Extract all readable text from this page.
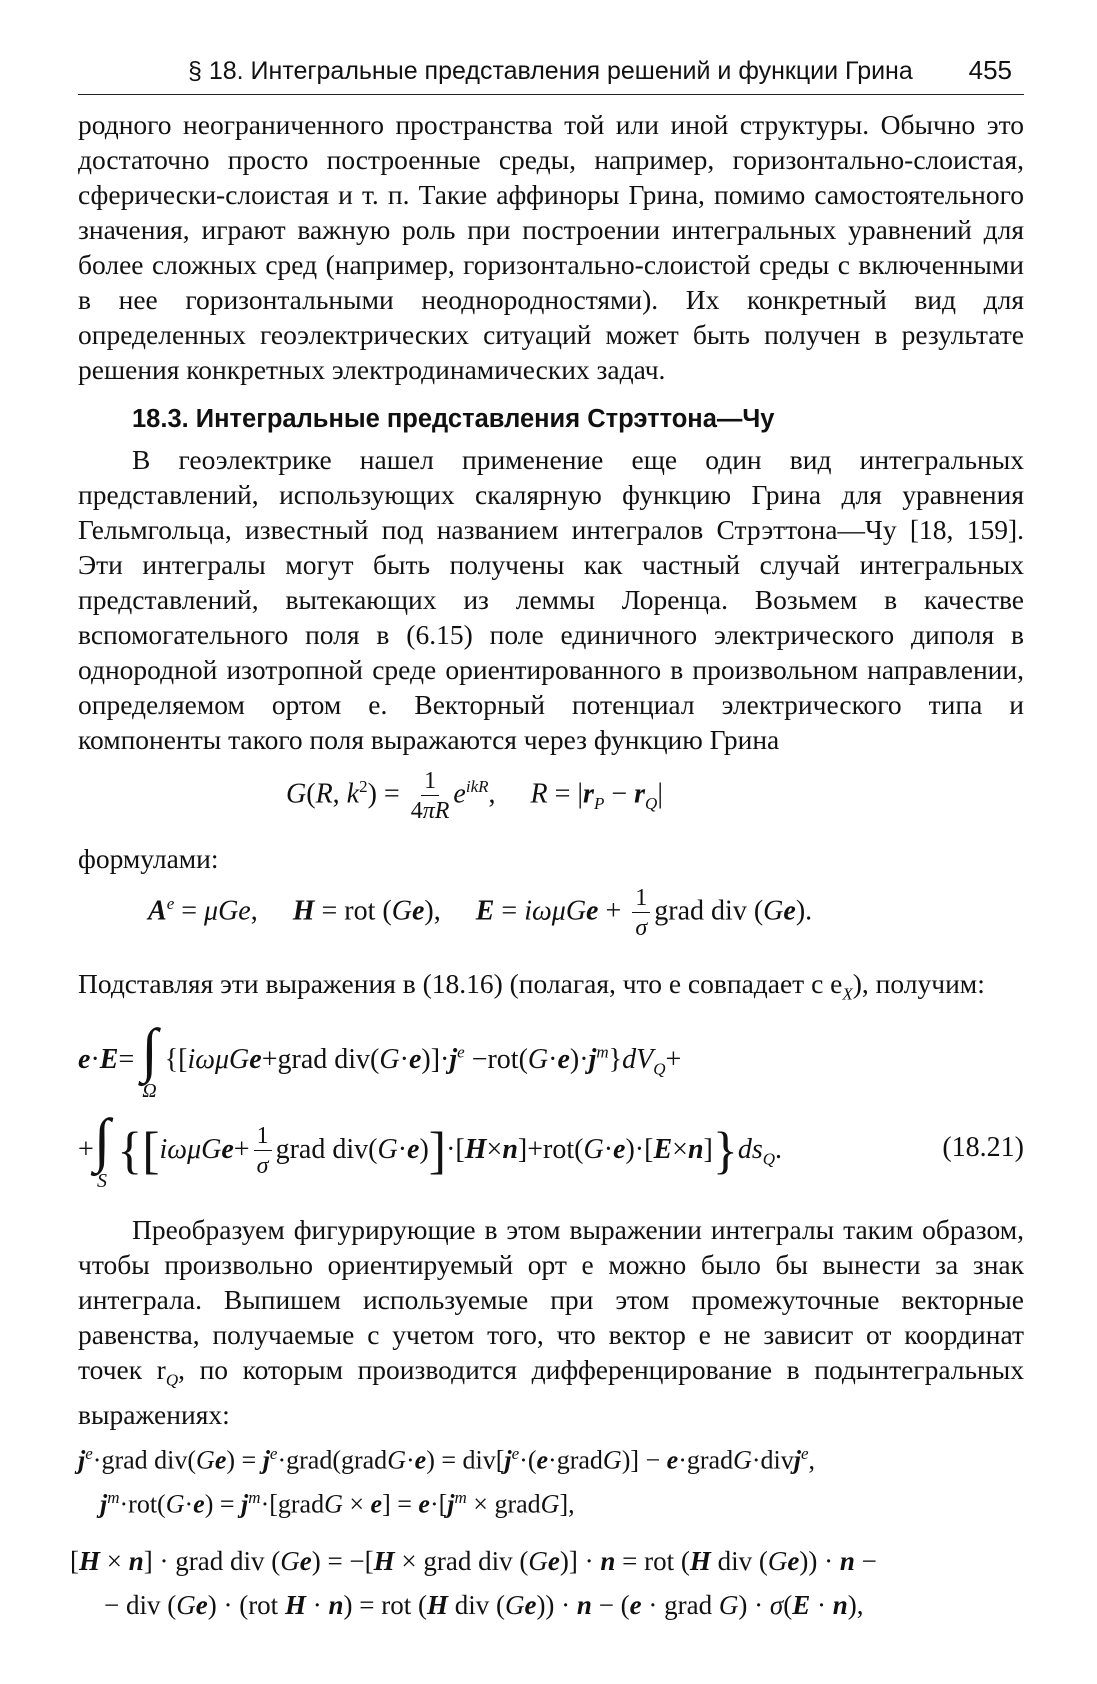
§ 18. Интегральные представления решений и функции Грина 455

родного неограниченного пространства той или иной структуры. Обычно это достаточно просто построенные среды, например, горизонтально-слоистая, сферически-слоистая и т. п. Такие аффиноры Грина, помимо самостоятельного значения, играют важную роль при построении интегральных уравнений для более сложных сред (например, горизонтально-слоистой среды с включенными в нее горизонтальными неоднородностями). Их конкретный вид для определенных геоэлектрических ситуаций может быть получен в результате решения конкретных электродинамических задач.

18.3. Интегральные представления Стрэттона—Чу

В геоэлектрике нашел применение еще один вид интегральных представлений, использующих скалярную функцию Грина для уравнения Гельмгольца, известный под названием интегралов Стрэттона—Чу [18, 159]. Эти интегралы могут быть получены как частный случай интегральных представлений, вытекающих из леммы Лоренца. Возьмем в качестве вспомогательного поля в (6.15) поле единичного электрического диполя в однородной изотропной среде ориентированного в произвольном направлении, определяемом ортом e. Векторный потенциал электрического типа и компоненты такого поля выражаются через функцию Грина

G(R, $k^2) = \frac{1}{4\pi R} e^{ikR}$,     $R = |r_P - r_Q|$

формулами:

$A^e = \mu Ge$,     H = rot (Ge),     $E = i\omega\mu Ge + \frac{1}{\sigma}$ grad div (Ge).

Подставляя эти выражения в (18.16) (полагая, что e совпадает с $e_X$), получим:

e·E= ∫
Ω
{[iωμGe+grad $div(G\cdot e)]\cdot j^e -rot(G\cdot e)\cdot j^m\}dV_Q+$
+ ∫
S
{[$i\omega\mu Ge+ \frac{1}{\sigma}$ grad $div(G\cdot e)]\cdot[H\times n]+rot(G\cdot e)\cdot[E\times n]\}ds_Q$.	(18.21)

Преобразуем фигурирующие в этом выражении интегралы таким образом, чтобы произвольно ориентируемый орт e можно было бы вынести за знак интеграла. Выпишем используемые при этом промежуточные векторные равенства, получаемые с учетом того, что вектор e не зависит от координат точек $r_Q$, по которым производится дифференцирование в подынтегральных выражениях:

$j^e\cdot grad$ $div(Ge) = j^e\cdot grad(gradG\cdot e)$ = $div[j^e\cdot(e\cdot gradG)]$ − e·gradG·divj$^e$,
$j^m\cdot rot(G\cdot e)$ = $j^m\cdot[gradG \times e] = e\cdot[j^m$ × gradG],
[H × n] · grad div (Ge) = −[H × grad div (Ge)] · n = rot (H div (Ge)) · n −
− div (Ge) · (rot H · n) = rot (H div (Ge)) · n − (e · grad G) · σ(E · n),
